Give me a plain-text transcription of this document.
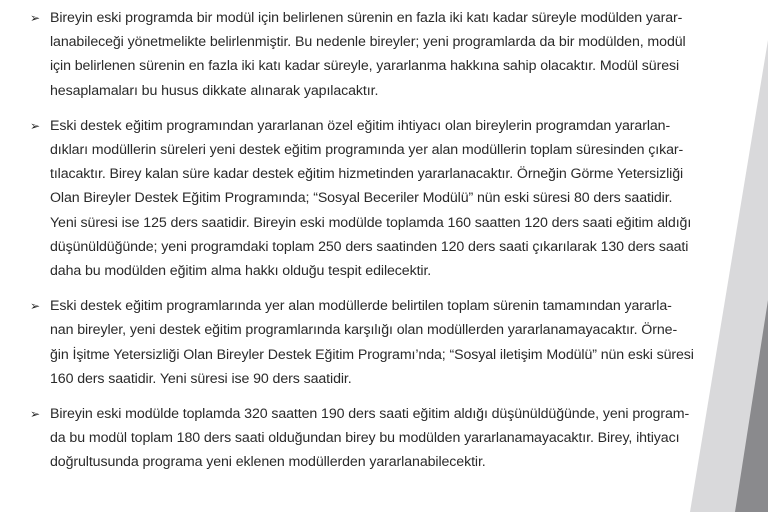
➢ Bireyin eski programda bir modül için belirlenen sürenin en fazla iki katı kadar süreyle modülden yarar-
lanabileceği yönetmelikte belirlenmiştir. Bu nedenle bireyler; yeni programlarda da bir modülden, modül
için belirlenen sürenin en fazla iki katı kadar süreyle, yararlanma hakkına sahip olacaktır. Modül süresi
hesaplamaları bu husus dikkate alınarak yapılacaktır.
➢ Eski destek eğitim programından yararlanan özel eğitim ihtiyacı olan bireylerin programdan yararlan-
dıkları modüllerin süreleri yeni destek eğitim programında yer alan modüllerin toplam süresinden çıkar-
tılacaktır. Birey kalan süre kadar destek eğitim hizmetinden yararlanacaktır. Örneğin Görme Yetersizliği
Olan Bireyler Destek Eğitim Programında; “Sosyal Beceriler Modülü” nün eski süresi 80 ders saatidir.
Yeni süresi ise 125 ders saatidir. Bireyin eski modülde toplamda 160 saatten 120 ders saati eğitim aldığı
düşünüldüğünde; yeni programdaki toplam 250 ders saatinden 120 ders saati çıkarılarak 130 ders saati
daha bu modülden eğitim alma hakkı olduğu tespit edilecektir.
➢ Eski destek eğitim programlarında yer alan modüllerde belirtilen toplam sürenin tamamından yararla-
nan bireyler, yeni destek eğitim programlarında karşılığı olan modüllerden yararlanamayacaktır. Örne-
ğin İşitme Yetersizliği Olan Bireyler Destek Eğitim Programı’nda; “Sosyal iletişim Modülü” nün eski süresi
160 ders saatidir. Yeni süresi ise 90 ders saatidir.
➢ Bireyin eski modülde toplamda 320 saatten 190 ders saati eğitim aldığı düşünüldüğünde, yeni program-
da bu modül toplam 180 ders saati olduğundan birey bu modülden yararlanamayacaktır. Birey, ihtiyacı
doğrultusunda programa yeni eklenen modüllerden yararlanabilecektir.
